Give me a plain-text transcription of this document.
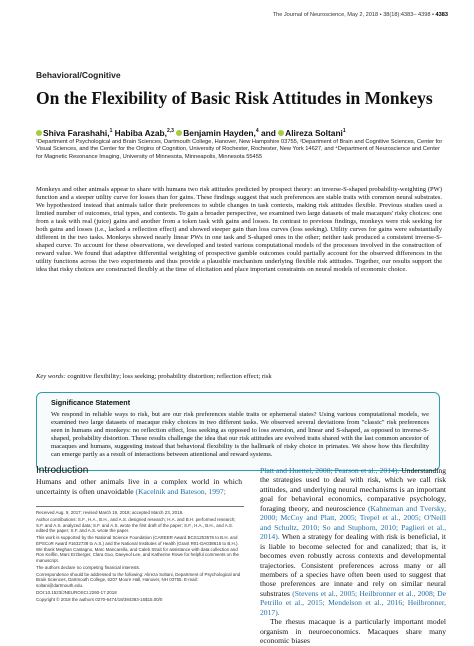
The Journal of Neuroscience, May 2, 2018 • 38(18):4383– 4398 • 4383
Behavioral/Cognitive
On the Flexibility of Basic Risk Attitudes in Monkeys
Shiva Farashahi,$^1$ Habiba Azab,$^{2,3}$ Benjamin Hayden,$^4$ and Alireza Soltani$^1$
¹Department of Psychological and Brain Sciences, Dartmouth College, Hanover, New Hampshire 03755, ²Department of Brain and Cognitive Sciences, Center for Visual Sciences, and the Center for the Origins of Cognition, University of Rochester, Rochester, New York 14627, and ⁴Department of Neuroscience and Center for Magnetic Resonance Imaging, University of Minnesota, Minneapolis, Minnesota 55455
Monkeys and other animals appear to share with humans two risk attitudes predicted by prospect theory: an inverse-S-shaped probability-weighting (PW) function and a steeper utility curve for losses than for gains. These findings suggest that such preferences are stable traits with common neural substrates. We hypothesized instead that animals tailor their preferences to subtle changes in task contexts, making risk attitudes flexible. Previous studies used a limited number of outcomes, trial types, and contexts. To gain a broader perspective, we examined two large datasets of male macaques' risky choices: one from a task with real (juice) gains and another from a token task with gains and losses. In contrast to previous findings, monkeys were risk seeking for both gains and losses (i.e., lacked a reflection effect) and showed steeper gain than loss curves (loss seeking). Utility curves for gains were substantially different in the two tasks. Monkeys showed nearly linear PWs in one task and S-shaped ones in the other; neither task produced a consistent inverse-S-shaped curve. To account for these observations, we developed and tested various computational models of the processes involved in the construction of reward value. We found that adaptive differential weighting of prospective gamble outcomes could partially account for the observed differences in the utility functions across the two experiments and thus provide a plausible mechanism underlying flexible risk attitudes. Together, our results support the idea that risky choices are constructed flexibly at the time of elicitation and place important constraints on neural models of economic choice.
Key words: cognitive flexibility; loss seeking; probability distortion; reflection effect; risk
Significance Statement
We respond in reliable ways to risk, but are our risk preferences stable traits or ephemeral states? Using various computational models, we examined two large datasets of macaque risky choices in two different tasks. We observed several deviations from "classic" risk preferences seen in humans and monkeys: no reflection effect, loss seeking as opposed to loss aversion, and linear and S-shaped, as opposed to inverse-S-shaped, probability distortion. These results challenge the idea that our risk attitudes are evolved traits shared with the last common ancestor of macaques and humans, suggesting instead that behavioral flexibility is the hallmark of risky choice in primates. We show how this flexibility can emerge partly as a result of interactions between attentional and reward systems.
Introduction
Humans and other animals live in a complex world in which uncertainty is often unavoidable (Kacelnik and Bateson, 1997;

Received Aug. 9, 2017; revised March 19, 2018; accepted March 23, 2018.

Author contributions: S.F., H.A., B.H., and A.S. designed research; H.A. and B.H. performed research; S.F. and A.S. analyzed data; S.F. and A.S. wrote the first draft of the paper; S.F., H.A., B.H., and A.S. edited the paper; S.F. and A.S. wrote the paper.

This work is supported by the National Science Foundation (CAREER Award BCS1253576 to B.H. and EPSCoR Award #1632738 to A.S.) and the National Institutes of Health (Grant R01-DA038615 to B.H.). We thank Meghan Castagno, Marc Mancarella, and Caleb Strait for assistance with data collection and Ron Keiflin, Marc Erzberger, Clara Guo, Daeyeol Lee, and Katherine Rowe for helpful comments on the manuscript.

The authors declare no competing financial interests.

Correspondence should be addressed to the following: Alireza Soltani, Department of Psychological and Brain Sciences, Dartmouth College, 6207 Moore Hall, Hanover, NH 03755. E-mail: soltani@dartmouth.edu.

DOI:10.1523/JNEUROSCI.2260-17.2018

Copyright © 2018 the authors 0270-6474/18/384383-16$15.00/0

Platt and Huettel, 2008; Pearson et al., 2014). Understanding the strategies used to deal with risk, which we call risk attitudes, and underlying neural mechanisms is an important goal for behavioral economics, comparative psychology, foraging theory, and neuroscience (Kahneman and Tversky, 2000; McCoy and Platt, 2005; Trepel et al., 2005; O'Neill and Schultz, 2010; So and Stuphorn, 2010; Paglieri et al., 2014). When a strategy for dealing with risk is beneficial, it is liable to become selected for and canalized; that is, it becomes even robustly across contexts and developmental trajectories. Consistent preferences across many or all members of a species have often been used to suggest that those preferences are innate and rely on similar neural substrates (Stevens et al., 2005; Heilbronner et al., 2008; De Petrillo et al., 2015; Mendelson et al., 2016; Heilbronner, 2017).
The rhesus macaque is a particularly important model organism in neuroeconomics. Macaques share many economic biases
